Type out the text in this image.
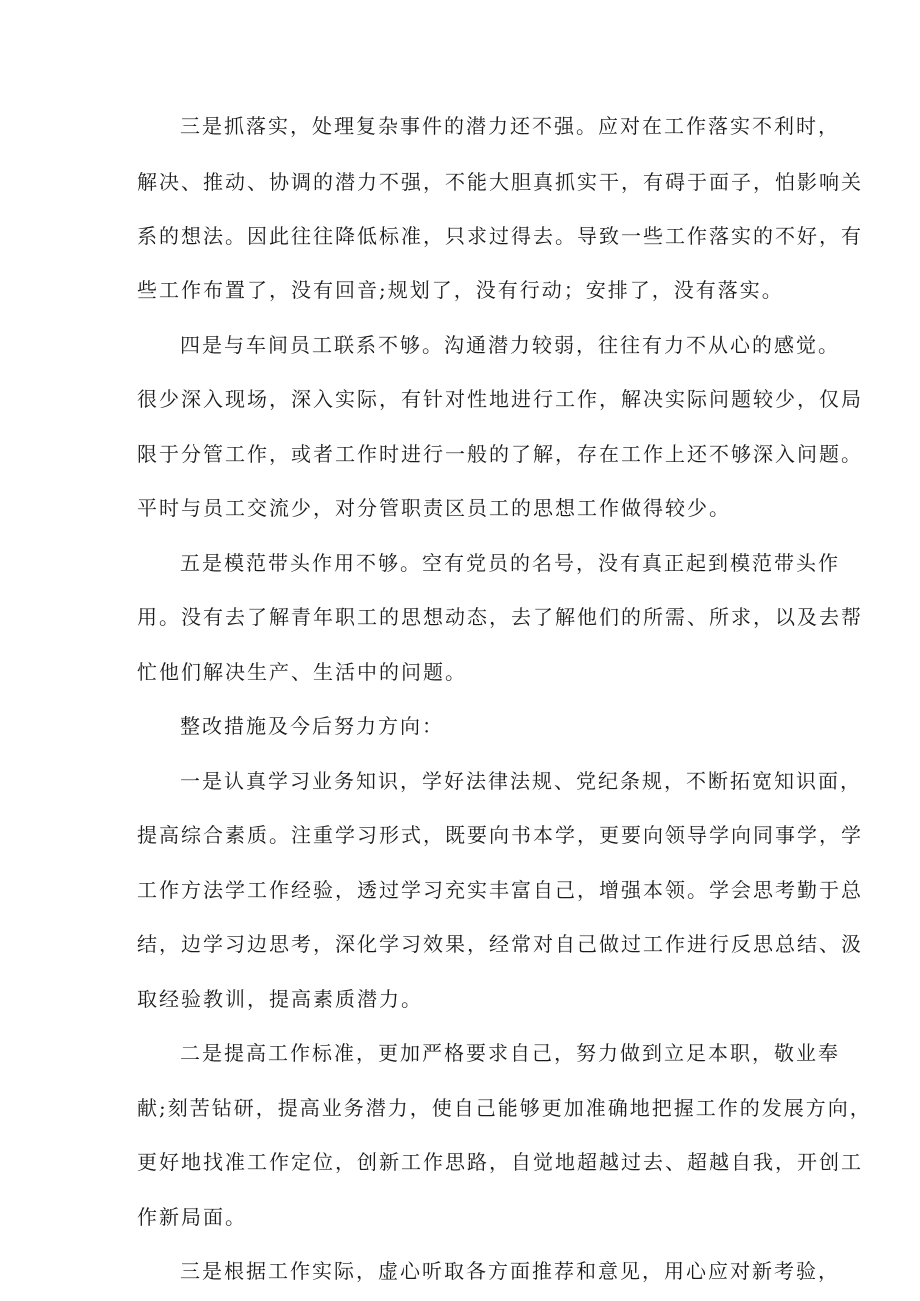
三是抓落实，处理复杂事件的潜力还不强。应对在工作落实不利时，
解决、推动、协调的潜力不强，不能大胆真抓实干，有碍于面子，怕影响关
系的想法。因此往往降低标准，只求过得去。导致一些工作落实的不好，有
些工作布置了，没有回音;规划了，没有行动；安排了，没有落实。
四是与车间员工联系不够。沟通潜力较弱，往往有力不从心的感觉。
很少深入现场，深入实际，有针对性地进行工作，解决实际问题较少，仅局
限于分管工作，或者工作时进行一般的了解，存在工作上还不够深入问题。
平时与员工交流少，对分管职责区员工的思想工作做得较少。
五是模范带头作用不够。空有党员的名号，没有真正起到模范带头作
用。没有去了解青年职工的思想动态，去了解他们的所需、所求，以及去帮
忙他们解决生产、生活中的问题。
整改措施及今后努力方向：
一是认真学习业务知识，学好法律法规、党纪条规，不断拓宽知识面，
提高综合素质。注重学习形式，既要向书本学，更要向领导学向同事学，学
工作方法学工作经验，透过学习充实丰富自己，增强本领。学会思考勤于总
结，边学习边思考，深化学习效果，经常对自己做过工作进行反思总结、汲
取经验教训，提高素质潜力。
二是提高工作标准，更加严格要求自己，努力做到立足本职，敬业奉
献;刻苦钻研，提高业务潜力，使自己能够更加准确地把握工作的发展方向，
更好地找准工作定位，创新工作思路，自觉地超越过去、超越自我，开创工
作新局面。
三是根据工作实际，虚心听取各方面推荐和意见，用心应对新考验，
